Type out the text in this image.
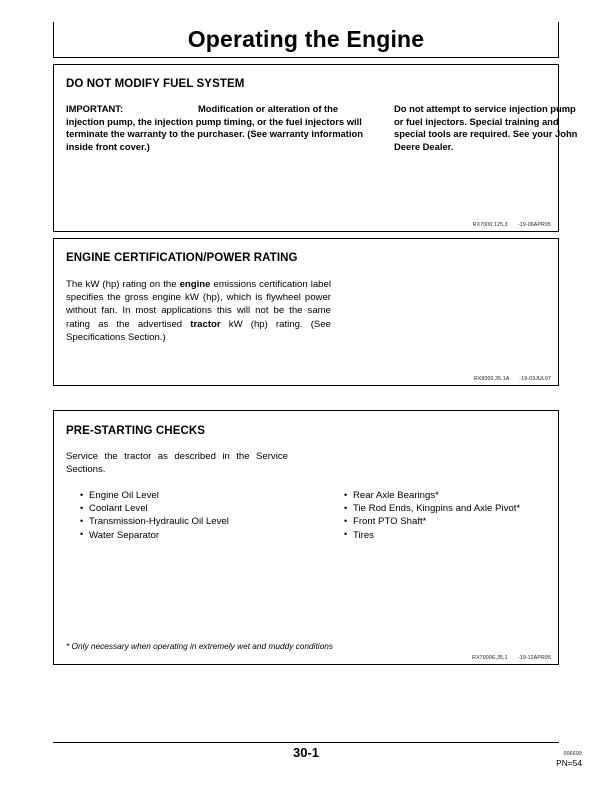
Operating the Engine
DO NOT MODIFY FUEL SYSTEM
IMPORTANT:	Modification or alteration of the injection pump, the injection pump timing, or the fuel injectors will terminate the warranty to the purchaser. (See warranty information inside front cover.)
Do not attempt to service injection pump or fuel injectors. Special training and special tools are required. See your John Deere Dealer.
RX7000,125,3 -19-06APR95
ENGINE CERTIFICATION/POWER RATING
The kW (hp) rating on the engine emissions certification label specifies the gross engine kW (hp), which is flywheel power without fan. In most applications this will not be the same rating as the advertised tractor kW (hp) rating. (See Specifications Section.)
RX8000,35,1A -19-03JUL97
PRE-STARTING CHECKS
Service the tractor as described in the Service Sections.
• Engine Oil Level
• Coolant Level
• Transmission-Hydraulic Oil Level
• Water Separator
• Rear Axle Bearings*
• Tie Rod Ends, Kingpins and Axle Pivot*
• Front PTO Shaft*
• Tires
* Only necessary when operating in extremely wet and muddy conditions
RX7000E,35,1 -19-12APR95
30-1	006699
PN=54
